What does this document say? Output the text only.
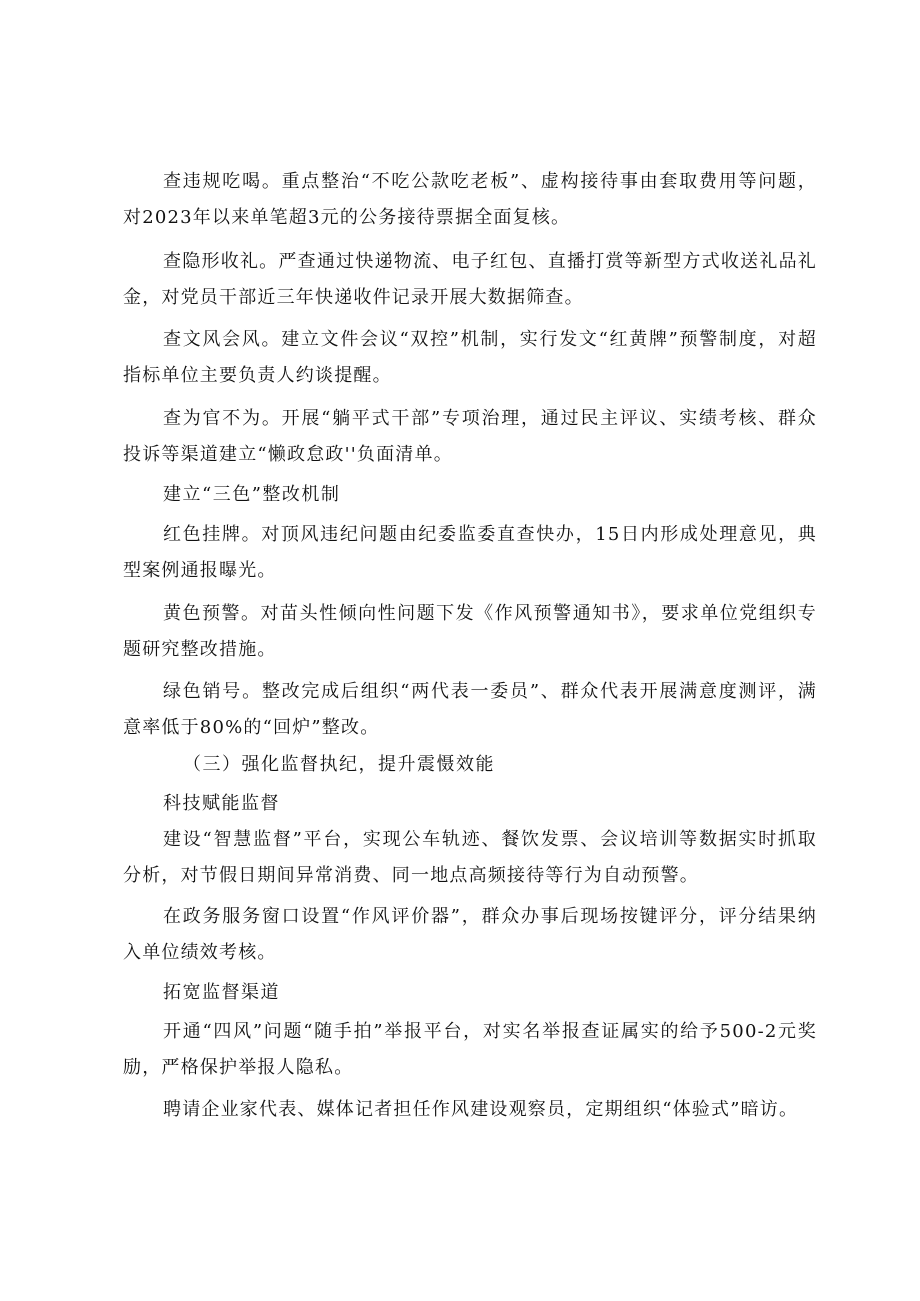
查违规吃喝。重点整治“不吃公款吃老板”、虚构接待事由套取费用等问题，对2023年以来单笔超3元的公务接待票据全面复核。

查隐形收礼。严查通过快递物流、电子红包、直播打赏等新型方式收送礼品礼金，对党员干部近三年快递收件记录开展大数据筛查。

查文风会风。建立文件会议“双控”机制，实行发文“红黄牌”预警制度，对超指标单位主要负责人约谈提醒。

查为官不为。开展“躺平式干部”专项治理，通过民主评议、实绩考核、群众投诉等渠道建立“懒政怠政''负面清单。

建立“三色”整改机制

红色挂牌。对顶风违纪问题由纪委监委直查快办，15日内形成处理意见，典型案例通报曝光。

黄色预警。对苗头性倾向性问题下发《作风预警通知书》，要求单位党组织专题研究整改措施。

绿色销号。整改完成后组织“两代表一委员”、群众代表开展满意度测评，满意率低于80%的“回炉”整改。

（三）强化监督执纪，提升震慑效能

科技赋能监督

建设“智慧监督”平台，实现公车轨迹、餐饮发票、会议培训等数据实时抓取分析，对节假日期间异常消费、同一地点高频接待等行为自动预警。

在政务服务窗口设置“作风评价器”，群众办事后现场按键评分，评分结果纳入单位绩效考核。

拓宽监督渠道

开通“四风”问题“随手拍”举报平台，对实名举报查证属实的给予500-2元奖励，严格保护举报人隐私。

聘请企业家代表、媒体记者担任作风建设观察员，定期组织“体验式”暗访。
